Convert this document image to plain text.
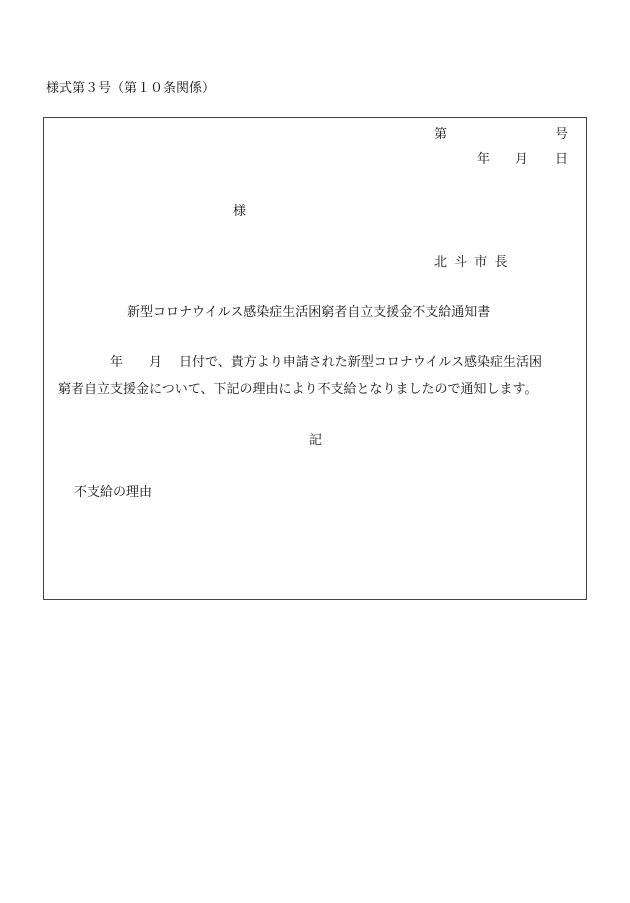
様式第３号（第１０条関係）
第	号
年 月 日
様
北斗市長
新型コロナウイルス感染症生活困窮者自立支援金不支給通知書
年 月 日付で、貴方より申請された新型コロナウイルス感染症生活困
窮者自立支援金について、下記の理由により不支給となりましたので通知します。
記
不支給の理由
